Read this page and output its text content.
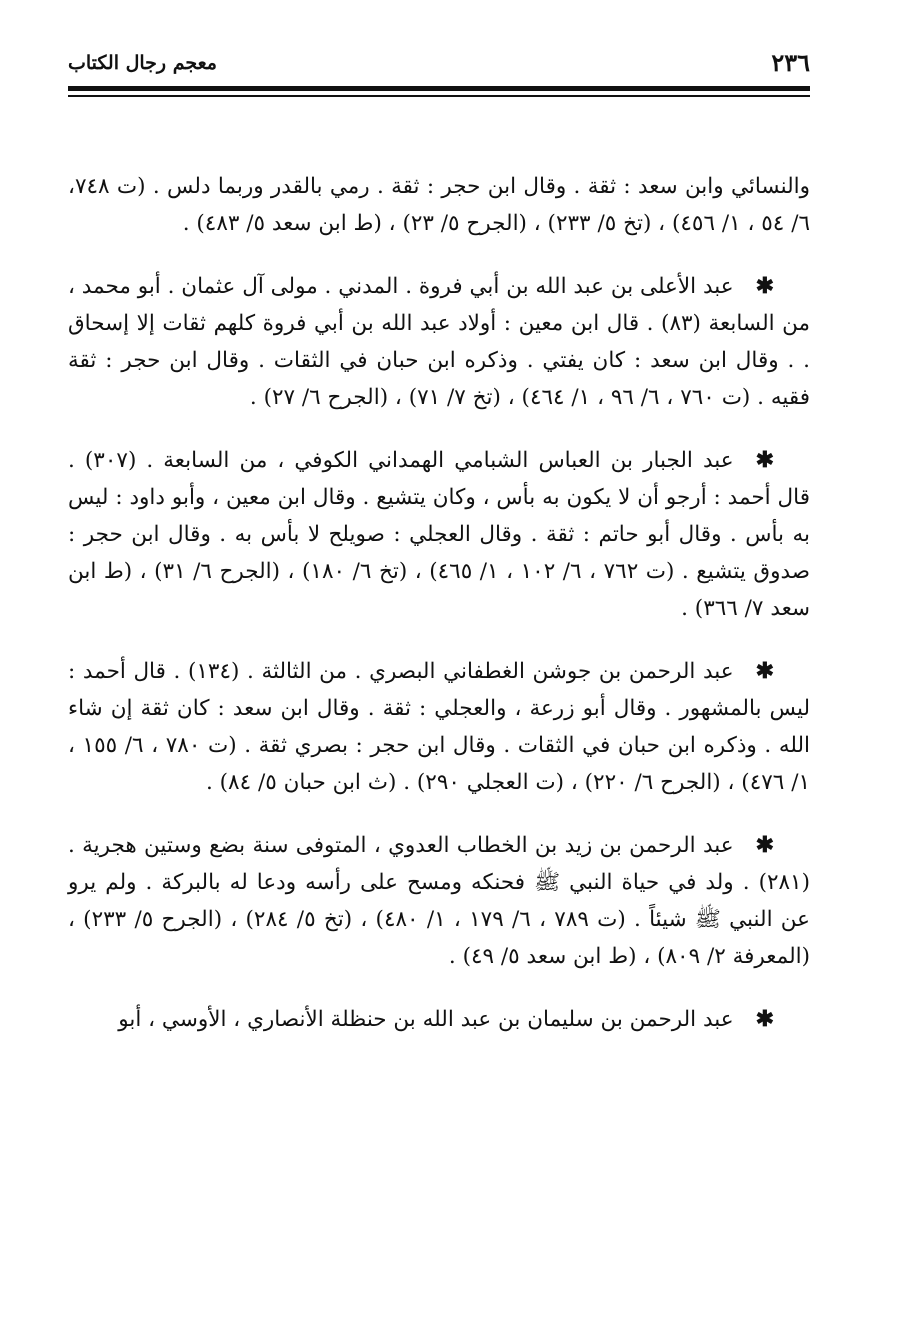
٢٣٦
معجم رجال الكتاب

والنسائي وابن سعد : ثقة . وقال ابن حجر : ثقة . رمي بالقدر وربما دلس . (ت ٧٤٨، ٦/ ٥٤ ، ١/ ٤٥٦) ، (تخ ٥/ ٢٣٣) ، (الجرح ٥/ ٢٣) ، (ط ابن سعد ٥/ ٤٨٣) .

✱عبد الأعلى بن عبد الله بن أبي فروة . المدني . مولى آل عثمان . أبو محمد ، من السابعة (٨٣) . قال ابن معين : أولاد عبد الله بن أبي فروة كلهم ثقات إلا إسحاق . . وقال ابن سعد : كان يفتي . وذكره ابن حبان في الثقات . وقال ابن حجر : ثقة فقيه . (ت ٧٦٠ ، ٦/ ٩٦ ، ١/ ٤٦٤) ، (تخ ٧/ ٧١) ، (الجرح ٦/ ٢٧) .

✱عبد الجبار بن العباس الشبامي الهمداني الكوفي ، من السابعة . (٣٠٧) . قال أحمد : أرجو أن لا يكون به بأس ، وكان يتشيع . وقال ابن معين ، وأبو داود : ليس به بأس . وقال أبو حاتم : ثقة . وقال العجلي : صويلح لا بأس به . وقال ابن حجر : صدوق يتشيع . (ت ٧٦٢ ، ٦/ ١٠٢ ، ١/ ٤٦٥) ، (تخ ٦/ ١٨٠) ، (الجرح ٦/ ٣١) ، (ط ابن سعد ٧/ ٣٦٦) .

✱عبد الرحمن بن جوشن الغطفاني البصري . من الثالثة . (١٣٤) . قال أحمد : ليس بالمشهور . وقال أبو زرعة ، والعجلي : ثقة . وقال ابن سعد : كان ثقة إن شاء الله . وذكره ابن حبان في الثقات . وقال ابن حجر : بصري ثقة . (ت ٧٨٠ ، ٦/ ١٥٥ ، ١/ ٤٧٦) ، (الجرح ٦/ ٢٢٠) ، (ت العجلي ٢٩٠) . (ث ابن حبان ٥/ ٨٤) .

✱عبد الرحمن بن زيد بن الخطاب العدوي ، المتوفى سنة بضع وستين هجرية . (٢٨١) . ولد في حياة النبي ﷺ فحنكه ومسح على رأسه ودعا له بالبركة . ولم يرو عن النبي ﷺ شيئاً . (ت ٧٨٩ ، ٦/ ١٧٩ ، ١/ ٤٨٠) ، (تخ ٥/ ٢٨٤) ، (الجرح ٥/ ٢٣٣) ، (المعرفة ٢/ ٨٠٩) ، (ط ابن سعد ٥/ ٤٩) .

✱عبد الرحمن بن سليمان بن عبد الله بن حنظلة الأنصاري ، الأوسي ، أبو
